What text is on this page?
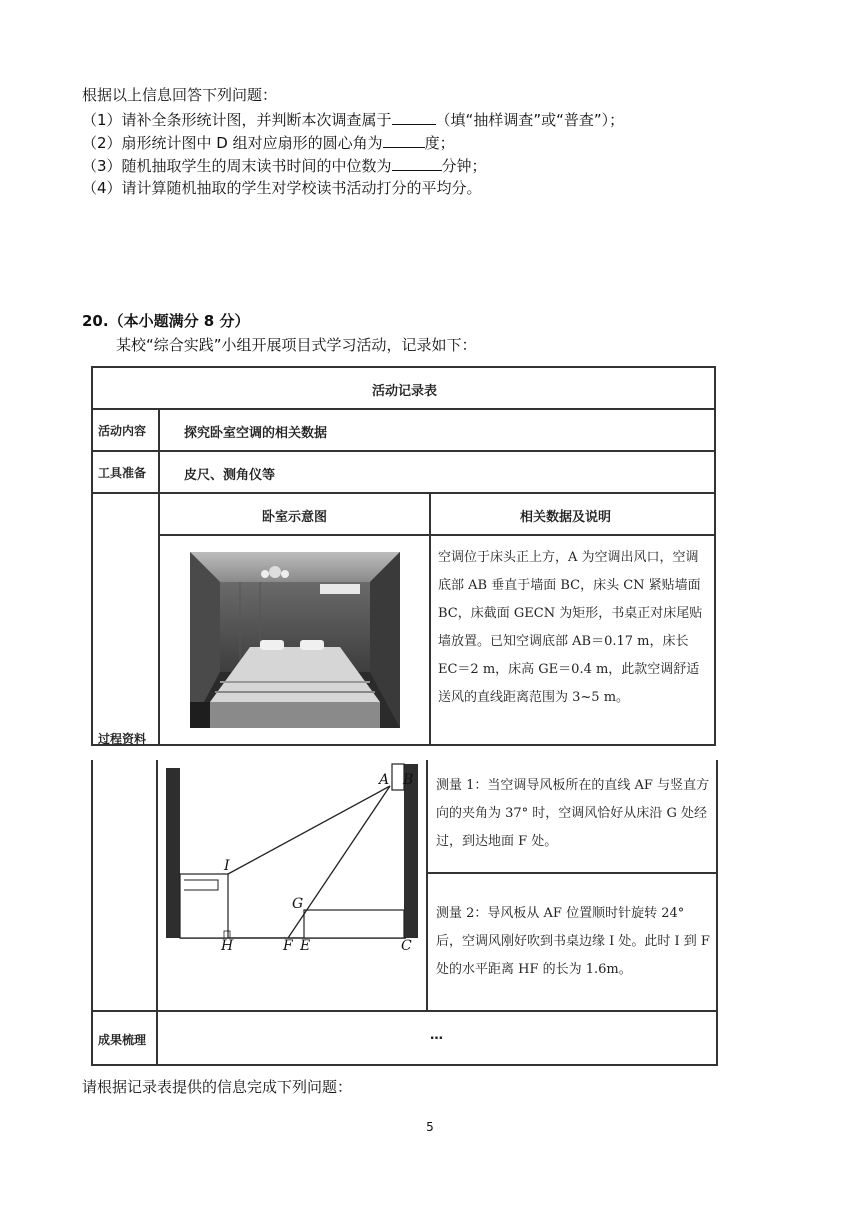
根据以上信息回答下列问题：
（1）请补全条形统计图，并判断本次调查属于	（填“抽样调查”或“普查”）；
（2）扇形统计图中 D 组对应扇形的圆心角为	度；
（3）随机抽取学生的周末读书时间的中位数为	分钟；
（4）请计算随机抽取的学生对学校读书活动打分的平均分。
20.（本小题满分 8 分）
某校“综合实践”小组开展项目式学习活动，记录如下：
活动记录表
活动内容	探究卧室空调的相关数据
工具准备	皮尺、测角仪等
过程资料
卧室示意图	相关数据及说明
空调位于床头正上方，A 为空调出风口，空调底部 AB 垂直于墙面 BC，床头 CN 紧贴墙面 BC，床截面 GECN 为矩形，书桌正对床尾贴墙放置。已知空调底部 AB＝0.17 m，床长 EC＝2 m，床高 GE＝0.4 m，此款空调舒适送风的直线距离范围为 3~5 m。
测量 1：当空调导风板所在的直线 AF 与竖直方向的夹角为 37° 时，空调风恰好从床沿 G 处经过，到达地面 F 处。
测量 2：导风板从 AF 位置顺时针旋转 24° 后，空调风刚好吹到书桌边缘 I 处。此时 I 到 F 处的水平距离 HF 的长为 1.6m。
成果梳理	…
A B
I
G
H	F E	C
请根据记录表提供的信息完成下列问题：
5
